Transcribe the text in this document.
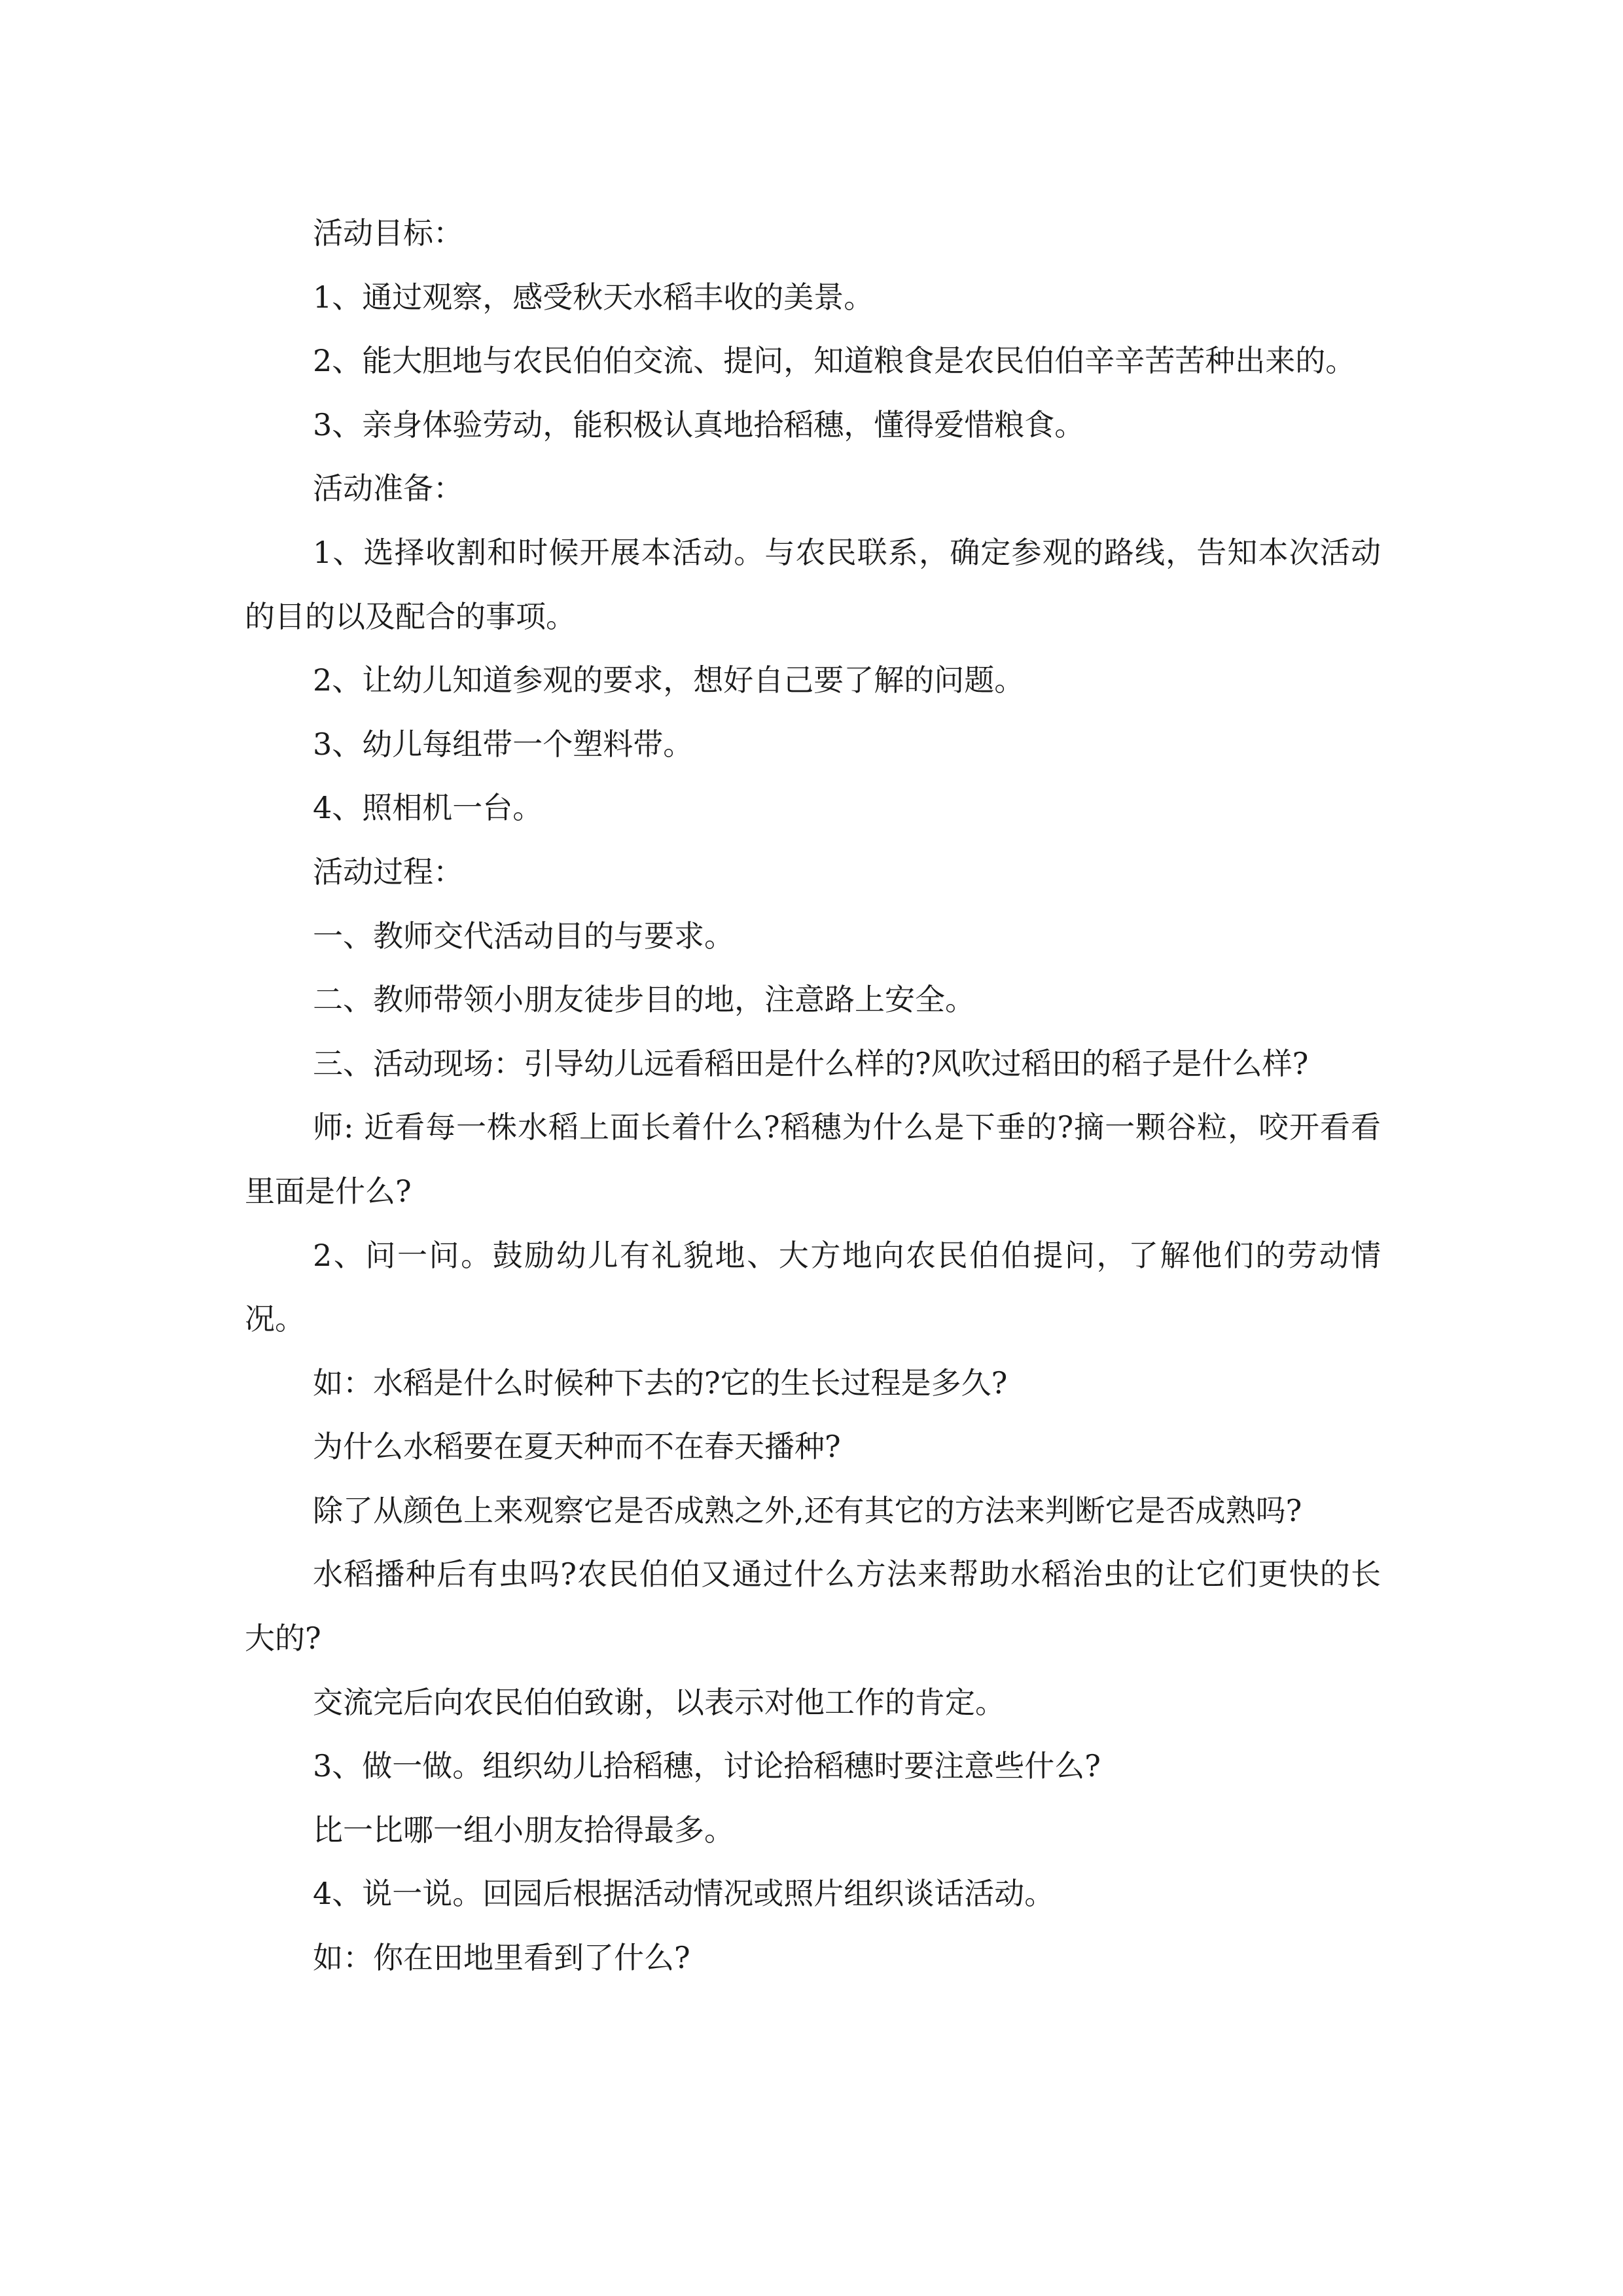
活动目标：

1、通过观察，感受秋天水稻丰收的美景。

2、能大胆地与农民伯伯交流、提问，知道粮食是农民伯伯辛辛苦苦种出来的。

3、亲身体验劳动，能积极认真地拾稻穗，懂得爱惜粮食。

活动准备：

1、选择收割和时候开展本活动。与农民联系，确定参观的路线，告知本次活动的目的以及配合的事项。

2、让幼儿知道参观的要求，想好自己要了解的问题。

3、幼儿每组带一个塑料带。

4、照相机一台。

活动过程：

一、教师交代活动目的与要求。

二、教师带领小朋友徒步目的地，注意路上安全。

三、活动现场：引导幼儿远看稻田是什么样的?风吹过稻田的稻子是什么样?

师: 近看每一株水稻上面长着什么?稻穗为什么是下垂的?摘一颗谷粒，咬开看看里面是什么?

2、问一问。鼓励幼儿有礼貌地、大方地向农民伯伯提问，了解他们的劳动情况。

如：水稻是什么时候种下去的?它的生长过程是多久?

为什么水稻要在夏天种而不在春天播种?

除了从颜色上来观察它是否成熟之外,还有其它的方法来判断它是否成熟吗?

水稻播种后有虫吗?农民伯伯又通过什么方法来帮助水稻治虫的让它们更快的长大的?

交流完后向农民伯伯致谢，以表示对他工作的肯定。

3、做一做。组织幼儿拾稻穗，讨论拾稻穗时要注意些什么?

比一比哪一组小朋友拾得最多。

4、说一说。回园后根据活动情况或照片组织谈话活动。

如：你在田地里看到了什么?
